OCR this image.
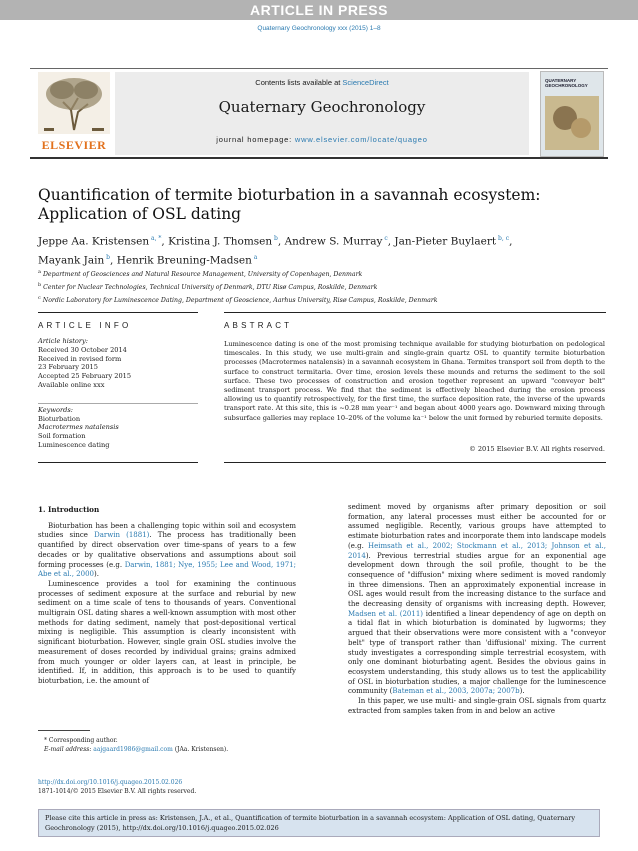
ARTICLE IN PRESS
Quaternary Geochronology xxx (2015) 1–8
ELSEVIER
Contents lists available at ScienceDirect
Quaternary Geochronology
journal homepage: www.elsevier.com/locate/quageo
QUATERNARY GEOCHRONOLOGY
Quantification of termite bioturbation in a savannah ecosystem:
Application of OSL dating
Jeppe Aa. Kristensen $^{a, *}$, Kristina J. Thomsen $^b$, Andrew S. Murray $^c$, Jan-Pieter Buylaert $^{b, c}$,
Mayank Jain $^b$, Henrik Breuning-Madsen $^a$
$^a$ Department of Geosciences and Natural Resource Management, University of Copenhagen, Denmark
$^b$ Center for Nuclear Technologies, Technical University of Denmark, DTU Risø Campus, Roskilde, Denmark
$^c$ Nordic Laboratory for Luminescence Dating, Department of Geoscience, Aarhus University, Risø Campus, Roskilde, Denmark
ARTICLE INFO	ABSTRACT
Article history:
Received 30 October 2014
Received in revised form
23 February 2015
Accepted 25 February 2015
Available online xxx
Keywords:
Bioturbation
Macrotermes natalensis
Soil formation
Luminescence dating
Luminescence dating is one of the most promising technique available for studying bioturbation on pedological timescales. In this study, we use multi-grain and single-grain quartz OSL to quantify termite bioturbation processes (Macrotermes natalensis) in a savannah ecosystem in Ghana. Termites transport soil from depth to the surface to construct termitaria. Over time, erosion levels these mounds and returns the sediment to the soil surface. These two processes of construction and erosion together represent an upward "conveyor belt" sediment transport process. We find that the sediment is effectively bleached during the erosion process allowing us to quantify retrospectively, for the first time, the surface deposition rate, the inverse of the upwards transport rate. At this site, this is ~0.28 mm year⁻¹ and began about 4000 years ago. Downward mixing through subsurface galleries may replace 10–20% of the volume ka⁻¹ below the unit formed by reburied termite deposits.
© 2015 Elsevier B.V. All rights reserved.

1. Introduction

Bioturbation has been a challenging topic within soil and ecosystem studies since Darwin (1881). The process has traditionally been quantified by direct observation over time-spans of years to a few decades or by qualitative observations and assumptions about soil forming processes (e.g. Darwin, 1881; Nye, 1955; Lee and Wood, 1971; Abe et al., 2000).

Luminescence provides a tool for examining the continuous processes of sediment exposure at the surface and reburial by new sediment on a time scale of tens to thousands of years. Conventional multigrain OSL dating shares a well-known assumption with most other methods for dating sediment, namely that post-depositional vertical mixing is negligible. This assumption is clearly inconsistent with significant bioturbation. However, single grain OSL studies involve the measurement of doses recorded by individual grains; grains admixed from much younger or older layers can, at least in principle, be identified. If, in addition, this approach is to be used to quantify bioturbation, i.e. the amount of

sediment moved by organisms after primary deposition or soil formation, any lateral processes must either be accounted for or assumed negligible. Recently, various groups have attempted to estimate bioturbation rates and incorporate them into landscape models (e.g. Heimsath et al., 2002; Stockmann et al., 2013; Johnson et al., 2014). Previous terrestrial studies argue for an exponential age development down through the soil profile, thought to be the consequence of "diffusion" mixing where sediment is moved randomly in three dimensions. Then an approximately exponential increase in OSL ages would result from the increasing distance to the surface and the decreasing density of organisms with increasing depth. However, Madsen et al. (2011) identified a linear dependency of age on depth on a tidal flat in which bioturbation is dominated by lugworms; they argued that their observations were more consistent with a "conveyor belt" type of transport rather than 'diffusional' mixing. The current study investigates a corresponding simple terrestrial ecosystem, with only one dominant bioturbating agent. Besides the obvious gains in ecosystem understanding, this study allows us to test the applicability of OSL in bioturbation studies, a major challenge for the luminescence community (Bateman et al., 2003, 2007a; 2007b).

In this paper, we use multi- and single-grain OSL signals from quartz extracted from samples taken from in and below an active

* Corresponding author.
E-mail address: aajgaard1986@gmail.com (JAa. Kristensen).
http://dx.doi.org/10.1016/j.quageo.2015.02.026
1871-1014/© 2015 Elsevier B.V. All rights reserved.
Please cite this article in press as: Kristensen, J.A., et al., Quantification of termite bioturbation in a savannah ecosystem: Application of OSL dating, Quaternary Geochronology (2015), http://dx.doi.org/10.1016/j.quageo.2015.02.026
